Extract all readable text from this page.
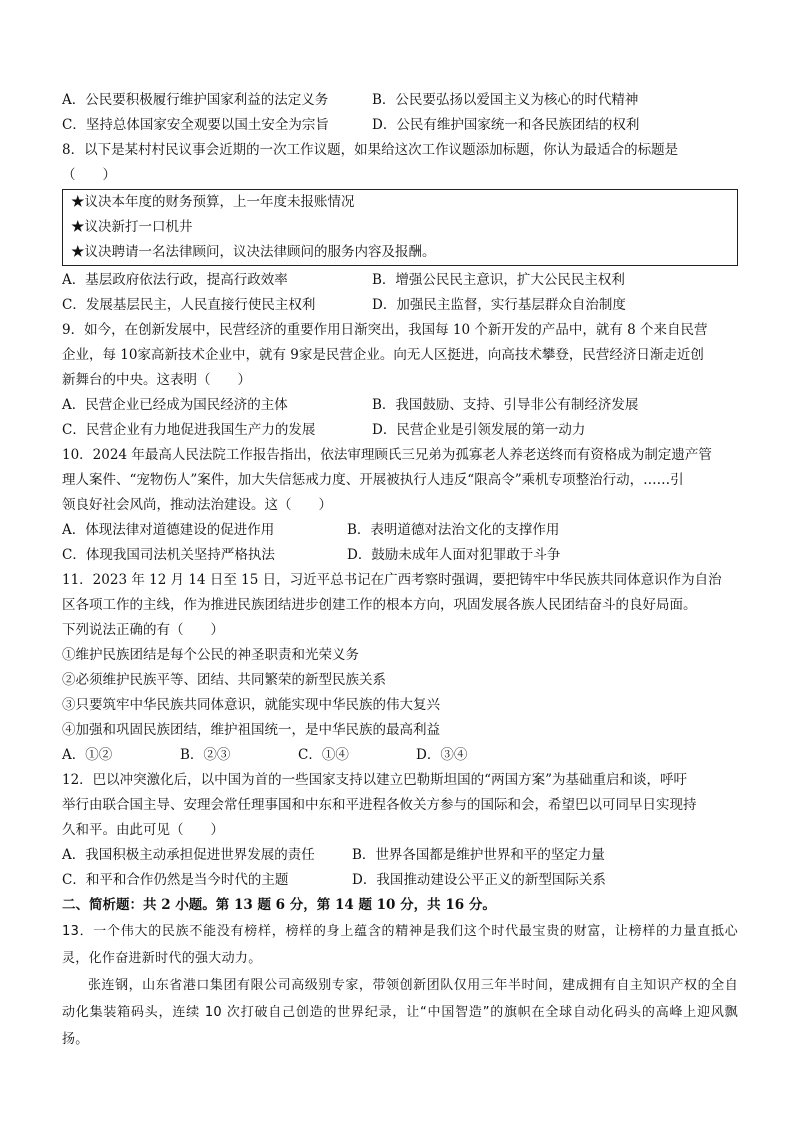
A．公民要积极履行维护国家利益的法定义务	B．公民要弘扬以爱国主义为核心的时代精神
C．坚持总体国家安全观要以国土安全为宗旨	D．公民有维护国家统一和各民族团结的权利
8．以下是某村村民议事会近期的一次工作议题，如果给这次工作议题添加标题，你认为最适合的标题是
（　　）
★议决本年度的财务预算，上一年度未报账情况
★议决新打一口机井
★议决聘请一名法律顾问，议决法律顾问的服务内容及报酬。
A．基层政府依法行政，提高行政效率	B．增强公民民主意识，扩大公民民主权利
C．发展基层民主，人民直接行使民主权利	D．加强民主监督，实行基层群众自治制度
9．如今，在创新发展中，民营经济的重要作用日渐突出，我国每 10 个新开发的产品中，就有 8 个来自民营
企业，每 10家高新技术企业中，就有 9家是民营企业。向无人区挺进，向高技术攀登，民营经济日渐走近创
新舞台的中央。这表明（　　）
A．民营企业已经成为国民经济的主体	B．我国鼓励、支持、引导非公有制经济发展
C．民营企业有力地促进我国生产力的发展	D．民营企业是引领发展的第一动力
10．2024 年最高人民法院工作报告指出，依法审理顾氏三兄弟为孤寡老人养老送终而有资格成为制定遗产管
理人案件、“宠物伤人”案件，加大失信惩戒力度、开展被执行人违反“限高令”乘机专项整治行动，……引
领良好社会风尚，推动法治建设。这（　　）
A．体现法律对道德建设的促进作用	B．表明道德对法治文化的支撑作用
C．体现我国司法机关坚持严格执法	D．鼓励未成年人面对犯罪敢于斗争
11．2023 年 12 月 14 日至 15 日，习近平总书记在广西考察时强调，要把铸牢中华民族共同体意识作为自治
区各项工作的主线，作为推进民族团结进步创建工作的根本方向，巩固发展各族人民团结奋斗的良好局面。
下列说法正确的有（　　）
①维护民族团结是每个公民的神圣职责和光荣义务
②必须维护民族平等、团结、共同繁荣的新型民族关系
③只要筑牢中华民族共同体意识，就能实现中华民族的伟大复兴
④加强和巩固民族团结，维护祖国统一，是中华民族的最高利益
A．①②	B．②③	C．①④	D．③④
12．巴以冲突激化后，以中国为首的一些国家支持以建立巴勒斯坦国的“两国方案”为基础重启和谈，呼吁
举行由联合国主导、安理会常任理事国和中东和平进程各攸关方参与的国际和会，希望巴以可同早日实现持
久和平。由此可见（　　）
A．我国积极主动承担促进世界发展的责任	B．世界各国都是维护世界和平的坚定力量
C．和平和合作仍然是当今时代的主题	D．我国推动建设公平正义的新型国际关系
二、简析题：共 2 小题。第 13 题 6 分，第 14 题 10 分，共 16 分。
13．一个伟大的民族不能没有榜样，榜样的身上蕴含的精神是我们这个时代最宝贵的财富，让榜样的力量直抵心灵，化作奋进新时代的强大动力。
张连钢，山东省港口集团有限公司高级别专家，带领创新团队仅用三年半时间，建成拥有自主知识产权的全自动化集装箱码头，连续 10 次打破自己创造的世界纪录，让“中国智造”的旗帜在全球自动化码头的高峰上迎风飘扬。
